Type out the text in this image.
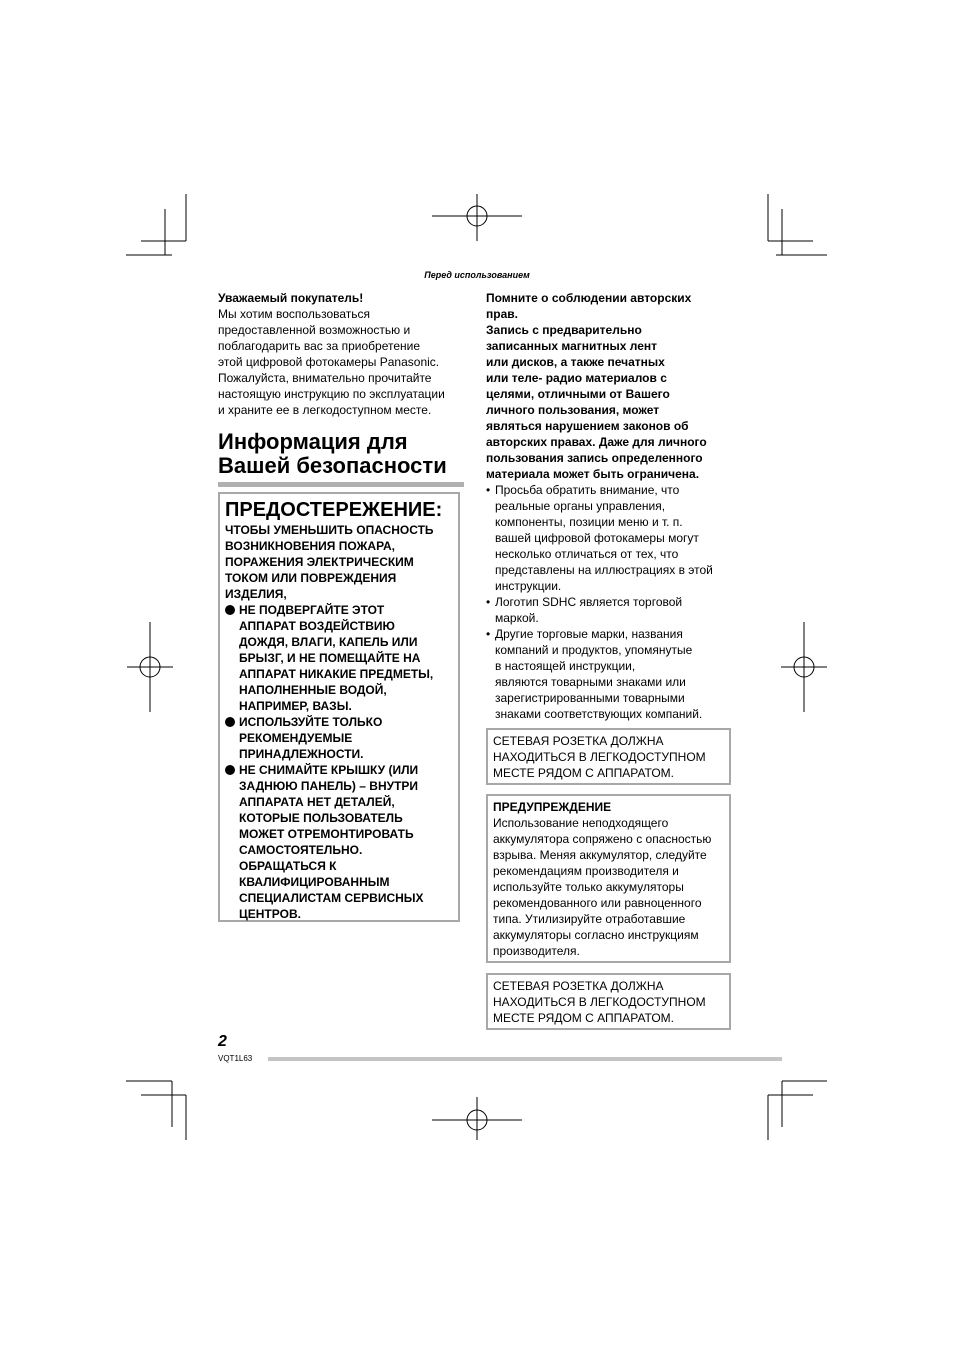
Перед использованием
Уважаемый покупатель!
Мы хотим воспользоваться
предоставленной возможностью и
поблагодарить вас за приобретение
этой цифровой фотокамеры Panasonic.
Пожалуйста, внимательно прочитайте
настоящую инструкцию по эксплуатации
и храните ее в легкодоступном месте.
Информация для
Вашей безопасности
ПРЕДОСТЕРЕЖЕНИЕ:
ЧТОБЫ УМЕНЬШИТЬ ОПАСНОСТЬ
ВОЗНИКНОВЕНИЯ ПОЖАРА,
ПОРАЖЕНИЯ ЭЛЕКТРИЧЕСКИМ
ТОКОМ ИЛИ ПОВРЕЖДЕНИЯ
ИЗДЕЛИЯ,
НЕ ПОДВЕРГАЙТЕ ЭТОТ
АППАРАТ ВОЗДЕЙСТВИЮ
ДОЖДЯ, ВЛАГИ, КАПЕЛЬ ИЛИ
БРЫЗГ, И НЕ ПОМЕЩАЙТЕ НА
АППАРАТ НИКАКИЕ ПРЕДМЕТЫ,
НАПОЛНЕННЫЕ ВОДОЙ,
НАПРИМЕР, ВАЗЫ.
ИСПОЛЬЗУЙТЕ ТОЛЬКО
РЕКОМЕНДУЕМЫЕ
ПРИНАДЛЕЖНОСТИ.
НЕ СНИМАЙТЕ КРЫШКУ (ИЛИ
ЗАДНЮЮ ПАНЕЛЬ) – ВНУТРИ
АППАРАТА НЕТ ДЕТАЛЕЙ,
КОТОРЫЕ ПОЛЬЗОВАТЕЛЬ
МОЖЕТ ОТРЕМОНТИРОВАТЬ
САМОСТОЯТЕЛЬНО.
ОБРАЩАТЬСЯ К
КВАЛИФИЦИРОВАННЫМ
СПЕЦИАЛИСТАМ СЕРВИСНЫХ
ЦЕНТРОВ.
Помните о соблюдении авторских
прав.
Запись с предварительно
записанных магнитных лент
или дисков, а также печатных
или теле- радио материалов с
целями, отличными от Вашего
личного пользования, может
являться нарушением законов об
авторских правах. Даже для личного
пользования запись определенного
материала может быть ограничена.
• Просьба обратить внимание, что
реальные органы управления,
компоненты, позиции меню и т. п.
вашей цифровой фотокамеры могут
несколько отличаться от тех, что
представлены на иллюстрациях в этой
инструкции.
• Логотип SDHC является торговой
маркой.
• Другие торговые марки, названия
компаний и продуктов, упомянутые
в настоящей инструкции,
являются товарными знаками или
зарегистрированными товарными
знаками соответствующих компаний.
СЕТЕВАЯ РОЗЕТКА ДОЛЖНА
НАХОДИТЬСЯ В ЛЕГКОДОСТУПНОМ
МЕСТЕ РЯДОМ С АППАРАТОМ.
ПРЕДУПРЕЖДЕНИЕ
Использование неподходящего
аккумулятора сопряжено с опасностью
взрыва. Меняя аккумулятор, следуйте
рекомендациям производителя и
используйте только аккумуляторы
рекомендованного или равноценного
типа. Утилизируйте отработавшие
аккумуляторы согласно инструкциям
производителя.
СЕТЕВАЯ РОЗЕТКА ДОЛЖНА
НАХОДИТЬСЯ В ЛЕГКОДОСТУПНОМ
МЕСТЕ РЯДОМ С АППАРАТОМ.
2
VQT1L63
